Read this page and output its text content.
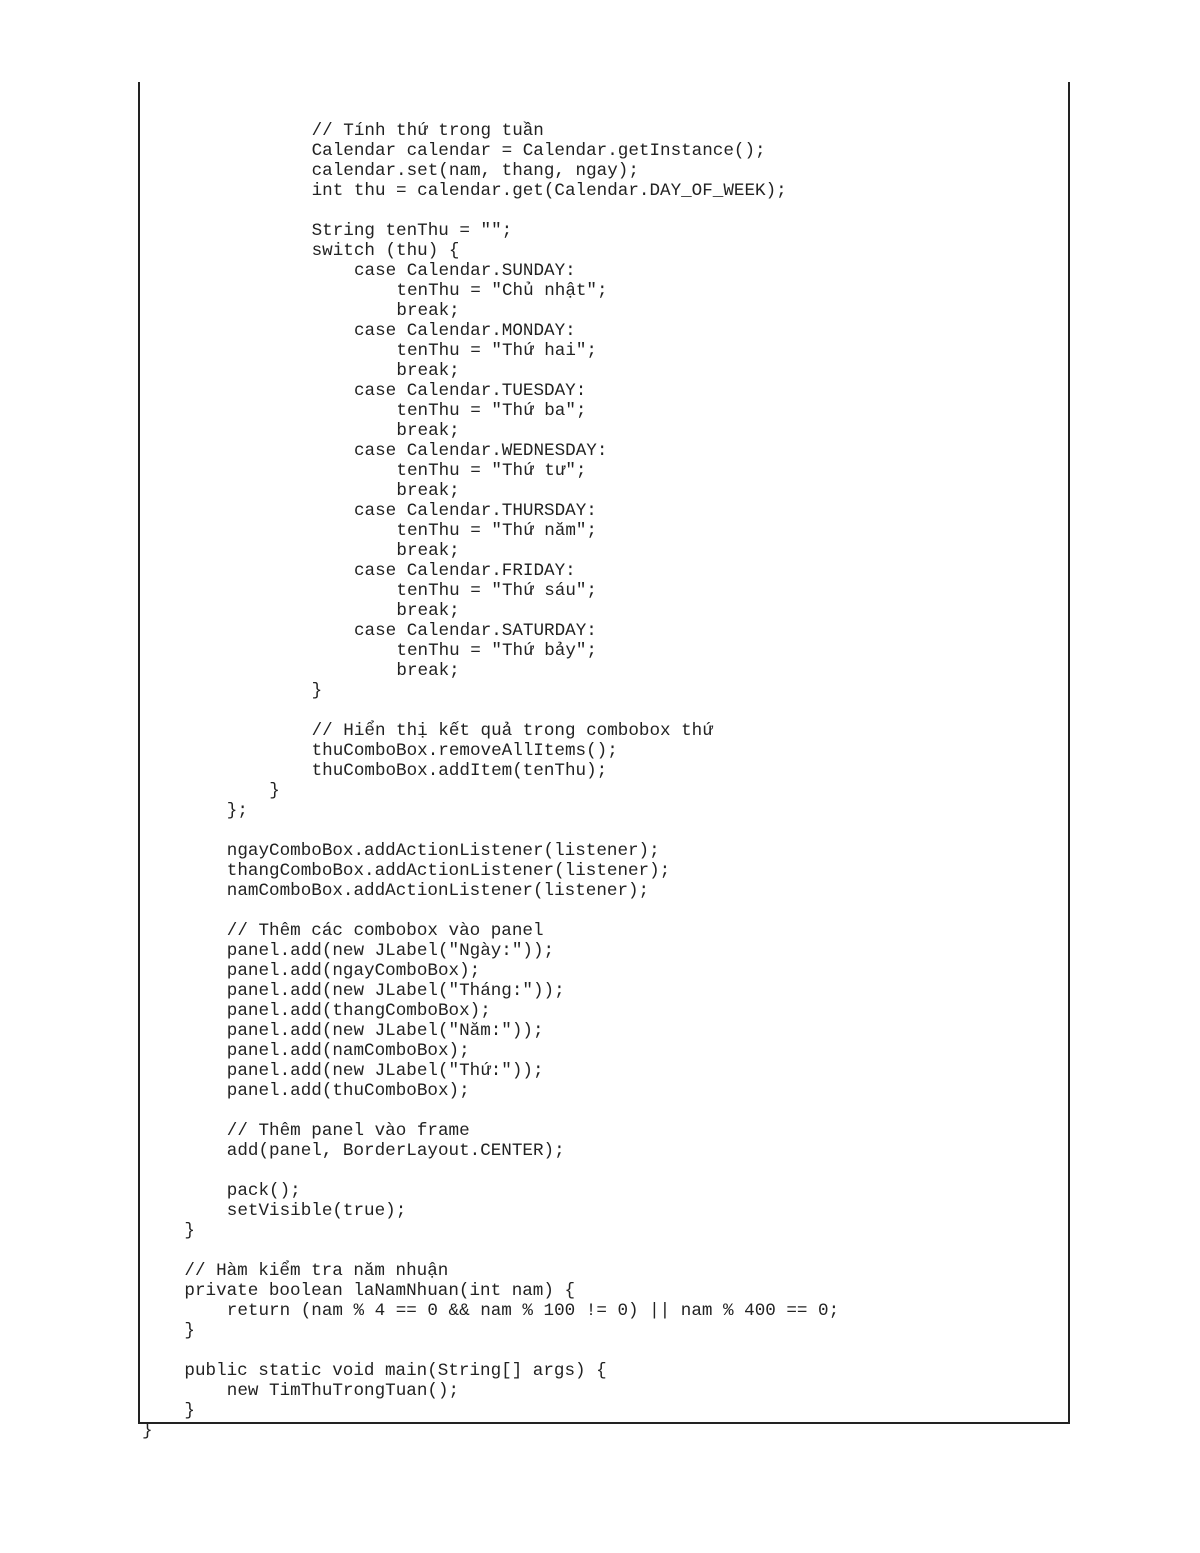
// Tính thứ trong tuần
Calendar calendar = Calendar.getInstance();
calendar.set(nam, thang, ngay);
int thu = calendar.get(Calendar.DAY_OF_WEEK);
String tenThu = "";
switch (thu) {
case Calendar.SUNDAY:
tenThu = "Chủ nhật";
break;
case Calendar.MONDAY:
tenThu = "Thứ hai";
break;
case Calendar.TUESDAY:
tenThu = "Thứ ba";
break;
case Calendar.WEDNESDAY:
tenThu = "Thứ tư";
break;
case Calendar.THURSDAY:
tenThu = "Thứ năm";
break;
case Calendar.FRIDAY:
tenThu = "Thứ sáu";
break;
case Calendar.SATURDAY:
tenThu = "Thứ bảy";
break;
}
// Hiển thị kết quả trong combobox thứ
thuComboBox.removeAllItems();
thuComboBox.addItem(tenThu);
}
};
ngayComboBox.addActionListener(listener);
thangComboBox.addActionListener(listener);
namComboBox.addActionListener(listener);
// Thêm các combobox vào panel
panel.add(new JLabel("Ngày:"));
panel.add(ngayComboBox);
panel.add(new JLabel("Tháng:"));
panel.add(thangComboBox);
panel.add(new JLabel("Năm:"));
panel.add(namComboBox);
panel.add(new JLabel("Thứ:"));
panel.add(thuComboBox);
// Thêm panel vào frame
add(panel, BorderLayout.CENTER);
pack();
setVisible(true);
}
// Hàm kiểm tra năm nhuận
private boolean laNamNhuan(int nam) {
return (nam % 4 == 0 && nam % 100 != 0) || nam % 400 == 0;
}
public static void main(String[] args) {
new TimThuTrongTuan();
}
}
